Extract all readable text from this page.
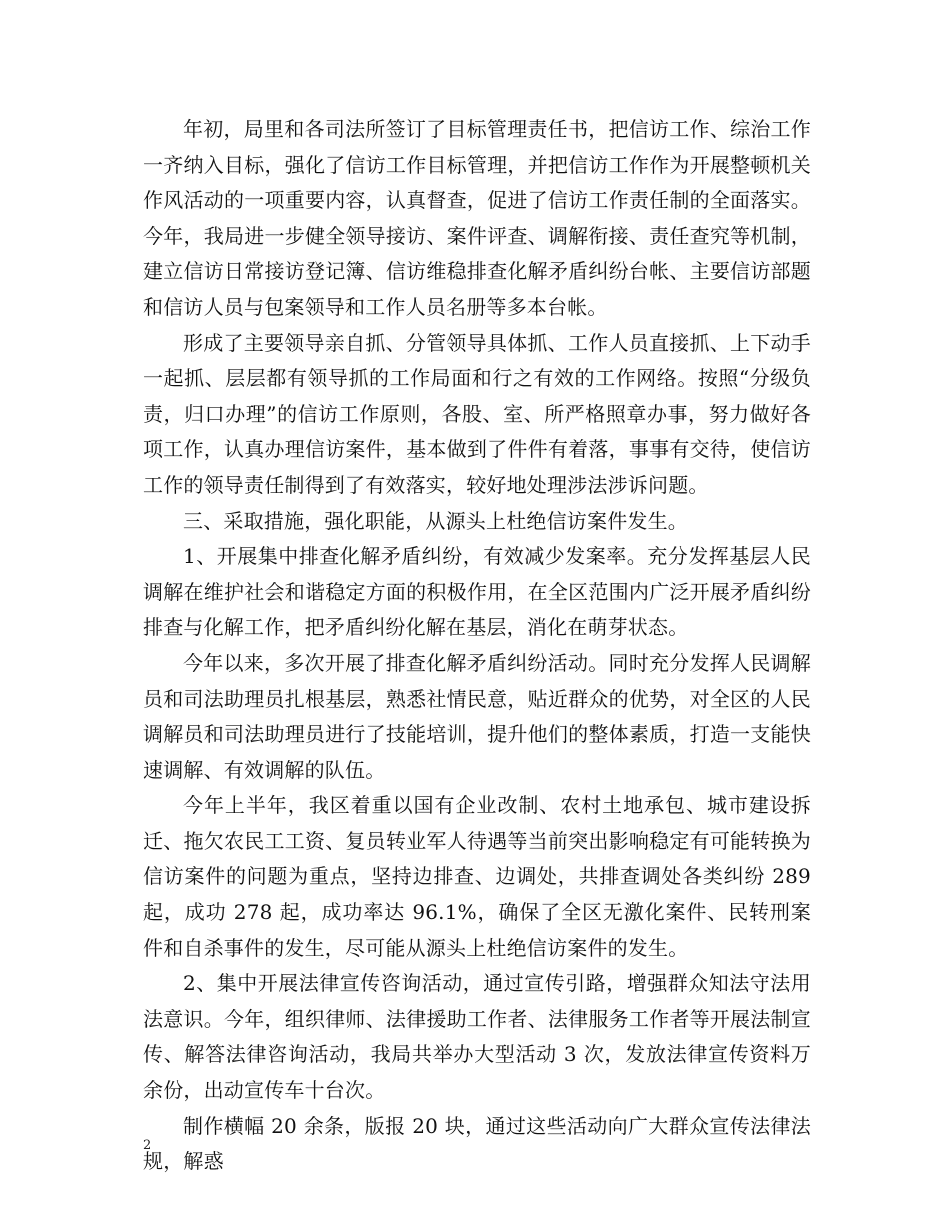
年初，局里和各司法所签订了目标管理责任书，把信访工作、综治工作一齐纳入目标，强化了信访工作目标管理，并把信访工作作为开展整顿机关作风活动的一项重要内容，认真督查，促进了信访工作责任制的全面落实。今年，我局进一步健全领导接访、案件评查、调解衔接、责任查究等机制，建立信访日常接访登记簿、信访维稳排查化解矛盾纠纷台帐、主要信访部题和信访人员与包案领导和工作人员名册等多本台帐。

形成了主要领导亲自抓、分管领导具体抓、工作人员直接抓、上下动手一起抓、层层都有领导抓的工作局面和行之有效的工作网络。按照“分级负责，归口办理”的信访工作原则，各股、室、所严格照章办事，努力做好各项工作，认真办理信访案件，基本做到了件件有着落，事事有交待，使信访工作的领导责任制得到了有效落实，较好地处理涉法涉诉问题。

三、采取措施，强化职能，从源头上杜绝信访案件发生。

1、开展集中排查化解矛盾纠纷，有效减少发案率。充分发挥基层人民调解在维护社会和谐稳定方面的积极作用，在全区范围内广泛开展矛盾纠纷排查与化解工作，把矛盾纠纷化解在基层，消化在萌芽状态。

今年以来，多次开展了排查化解矛盾纠纷活动。同时充分发挥人民调解员和司法助理员扎根基层，熟悉社情民意，贴近群众的优势，对全区的人民调解员和司法助理员进行了技能培训，提升他们的整体素质，打造一支能快速调解、有效调解的队伍。

今年上半年，我区着重以国有企业改制、农村土地承包、城市建设拆迁、拖欠农民工工资、复员转业军人待遇等当前突出影响稳定有可能转换为信访案件的问题为重点，坚持边排查、边调处，共排查调处各类纠纷 289 起，成功 278 起，成功率达 96.1%，确保了全区无激化案件、民转刑案件和自杀事件的发生，尽可能从源头上杜绝信访案件的发生。

2、集中开展法律宣传咨询活动，通过宣传引路，增强群众知法守法用法意识。今年，组织律师、法律援助工作者、法律服务工作者等开展法制宣传、解答法律咨询活动，我局共举办大型活动 3 次，发放法律宣传资料万余份，出动宣传车十台次。

制作横幅 20 余条，版报 20 块，通过这些活动向广大群众宣传法律法规，解惑

2
